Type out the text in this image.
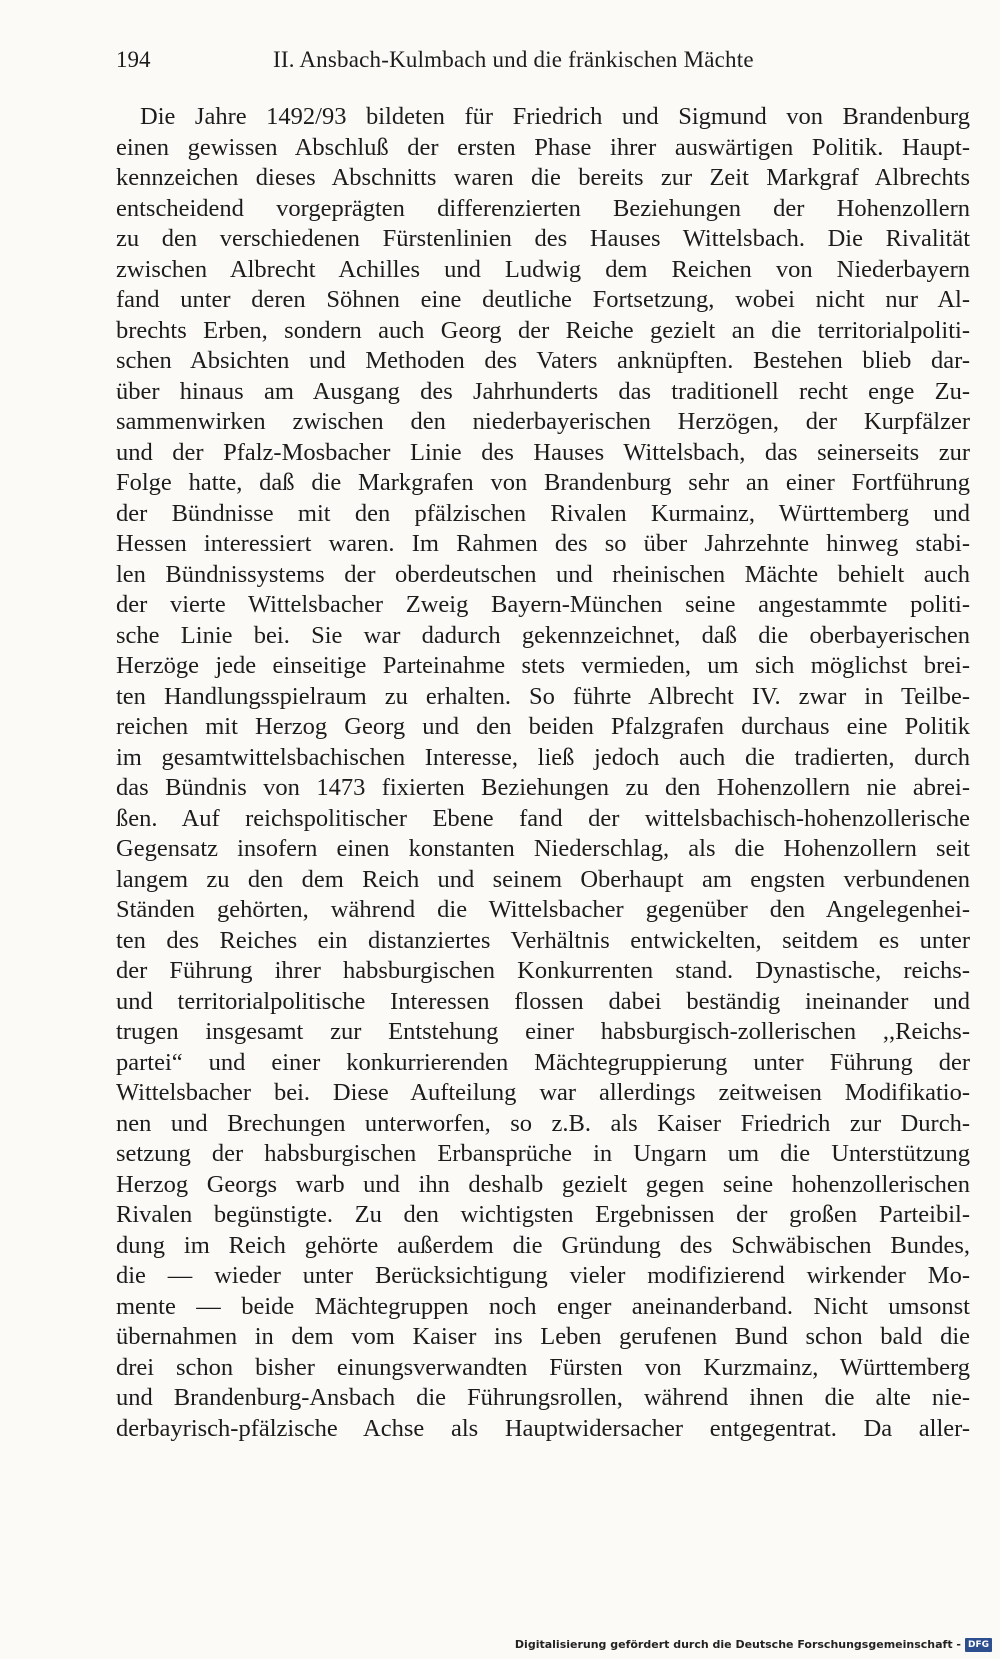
194	II. Ansbach-Kulmbach und die fränkischen Mächte
Die Jahre 1492/93 bildeten für Friedrich und Sigmund von Brandenburg
einen gewissen Abschluß der ersten Phase ihrer auswärtigen Politik. Haupt-
kennzeichen dieses Abschnitts waren die bereits zur Zeit Markgraf Albrechts
entscheidend vorgeprägten differenzierten Beziehungen der Hohenzollern
zu den verschiedenen Fürstenlinien des Hauses Wittelsbach. Die Rivalität
zwischen Albrecht Achilles und Ludwig dem Reichen von Niederbayern
fand unter deren Söhnen eine deutliche Fortsetzung, wobei nicht nur Al-
brechts Erben, sondern auch Georg der Reiche gezielt an die territorialpoliti-
schen Absichten und Methoden des Vaters anknüpften. Bestehen blieb dar-
über hinaus am Ausgang des Jahrhunderts das traditionell recht enge Zu-
sammenwirken zwischen den niederbayerischen Herzögen, der Kurpfälzer
und der Pfalz-Mosbacher Linie des Hauses Wittelsbach, das seinerseits zur
Folge hatte, daß die Markgrafen von Brandenburg sehr an einer Fortführung
der Bündnisse mit den pfälzischen Rivalen Kurmainz, Württemberg und
Hessen interessiert waren. Im Rahmen des so über Jahrzehnte hinweg stabi-
len Bündnissystems der oberdeutschen und rheinischen Mächte behielt auch
der vierte Wittelsbacher Zweig Bayern-München seine angestammte politi-
sche Linie bei. Sie war dadurch gekennzeichnet, daß die oberbayerischen
Herzöge jede einseitige Parteinahme stets vermieden, um sich möglichst brei-
ten Handlungsspielraum zu erhalten. So führte Albrecht IV. zwar in Teilbe-
reichen mit Herzog Georg und den beiden Pfalzgrafen durchaus eine Politik
im gesamtwittelsbachischen Interesse, ließ jedoch auch die tradierten, durch
das Bündnis von 1473 fixierten Beziehungen zu den Hohenzollern nie abrei-
ßen. Auf reichspolitischer Ebene fand der wittelsbachisch-hohenzollerische
Gegensatz insofern einen konstanten Niederschlag, als die Hohenzollern seit
langem zu den dem Reich und seinem Oberhaupt am engsten verbundenen
Ständen gehörten, während die Wittelsbacher gegenüber den Angelegenhei-
ten des Reiches ein distanziertes Verhältnis entwickelten, seitdem es unter
der Führung ihrer habsburgischen Konkurrenten stand. Dynastische, reichs-
und territorialpolitische Interessen flossen dabei beständig ineinander und
trugen insgesamt zur Entstehung einer habsburgisch-zollerischen ,,Reichs-
partei“ und einer konkurrierenden Mächtegruppierung unter Führung der
Wittelsbacher bei. Diese Aufteilung war allerdings zeitweisen Modifikatio-
nen und Brechungen unterworfen, so z.B. als Kaiser Friedrich zur Durch-
setzung der habsburgischen Erbansprüche in Ungarn um die Unterstützung
Herzog Georgs warb und ihn deshalb gezielt gegen seine hohenzollerischen
Rivalen begünstigte. Zu den wichtigsten Ergebnissen der großen Parteibil-
dung im Reich gehörte außerdem die Gründung des Schwäbischen Bundes,
die — wieder unter Berücksichtigung vieler modifizierend wirkender Mo-
mente — beide Mächtegruppen noch enger aneinanderband. Nicht umsonst
übernahmen in dem vom Kaiser ins Leben gerufenen Bund schon bald die
drei schon bisher einungsverwandten Fürsten von Kurzmainz, Württemberg
und Brandenburg-Ansbach die Führungsrollen, während ihnen die alte nie-
derbayrisch-pfälzische Achse als Hauptwidersacher entgegentrat. Da aller-
Digitalisierung gefördert durch die Deutsche Forschungsgemeinschaft - DFG
